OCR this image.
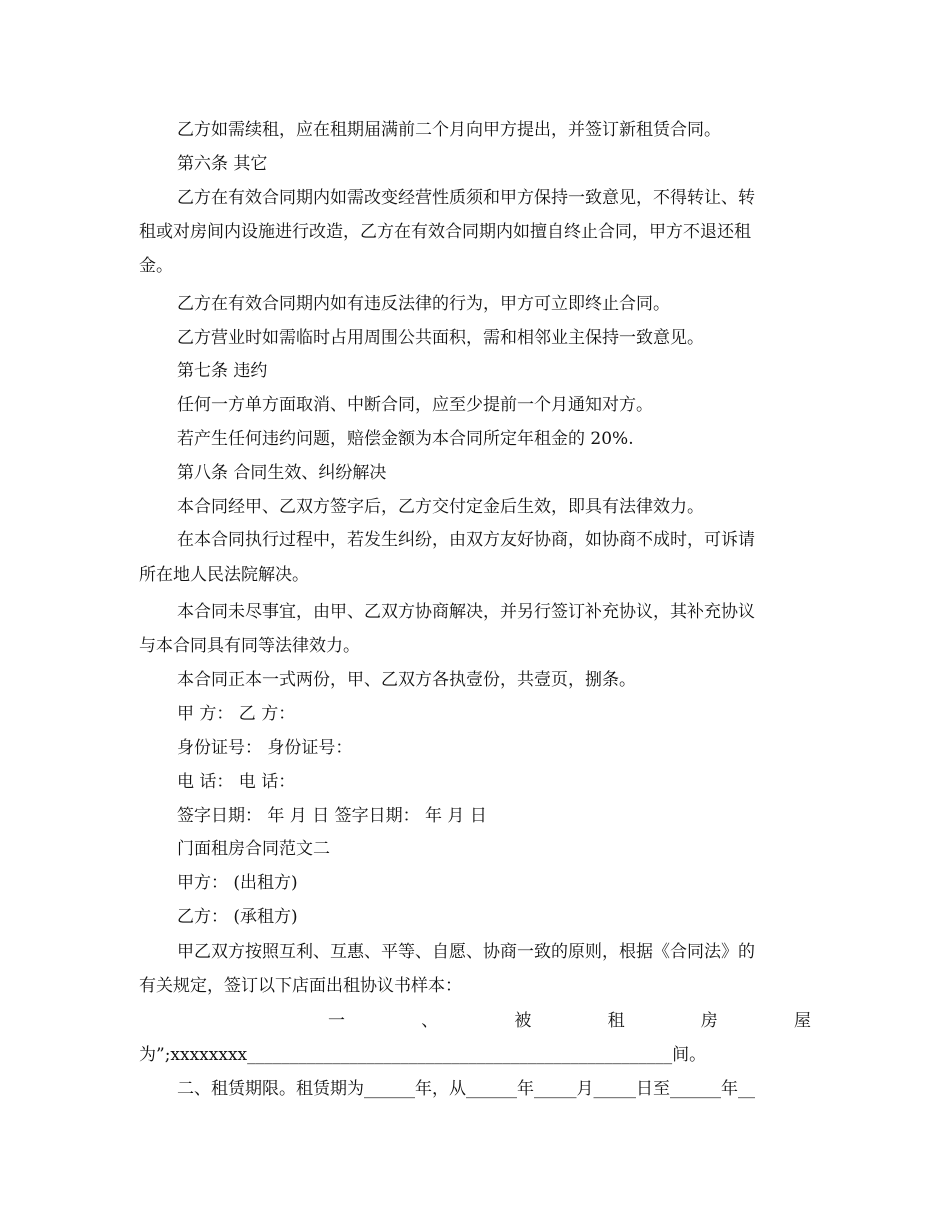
乙方如需续租，应在租期届满前二个月向甲方提出，并签订新租赁合同。
第六条 其它
乙方在有效合同期内如需改变经营性质须和甲方保持一致意见，不得转让、转
租或对房间内设施进行改造，乙方在有效合同期内如擅自终止合同，甲方不退还租
金。
乙方在有效合同期内如有违反法律的行为，甲方可立即终止合同。
乙方营业时如需临时占用周围公共面积，需和相邻业主保持一致意见。
第七条 违约
任何一方单方面取消、中断合同，应至少提前一个月通知对方。
若产生任何违约问题，赔偿金额为本合同所定年租金的 20%.
第八条 合同生效、纠纷解决
本合同经甲、乙双方签字后，乙方交付定金后生效，即具有法律效力。
在本合同执行过程中，若发生纠纷，由双方友好协商，如协商不成时，可诉请
所在地人民法院解决。
本合同未尽事宜，由甲、乙双方协商解决，并另行签订补充协议，其补充协议
与本合同具有同等法律效力。
本合同正本一式两份，甲、乙双方各执壹份，共壹页，捌条。
甲 方： 乙 方：
身份证号： 身份证号：
电 话： 电 话：
签字日期： 年 月 日 签字日期： 年 月 日
门面租房合同范文二
甲方： (出租方)
乙方： (承租方)
甲乙双方按照互利、互惠、平等、自愿、协商一致的原则，根据《合同法》的
有关规定，签订以下店面出租协议书样本：
一	、	被	租	房	屋
为”;xxxxxxxx__________________________________________________间。
二、租赁期限。租赁期为______年，从______年_____月_____日至______年__
